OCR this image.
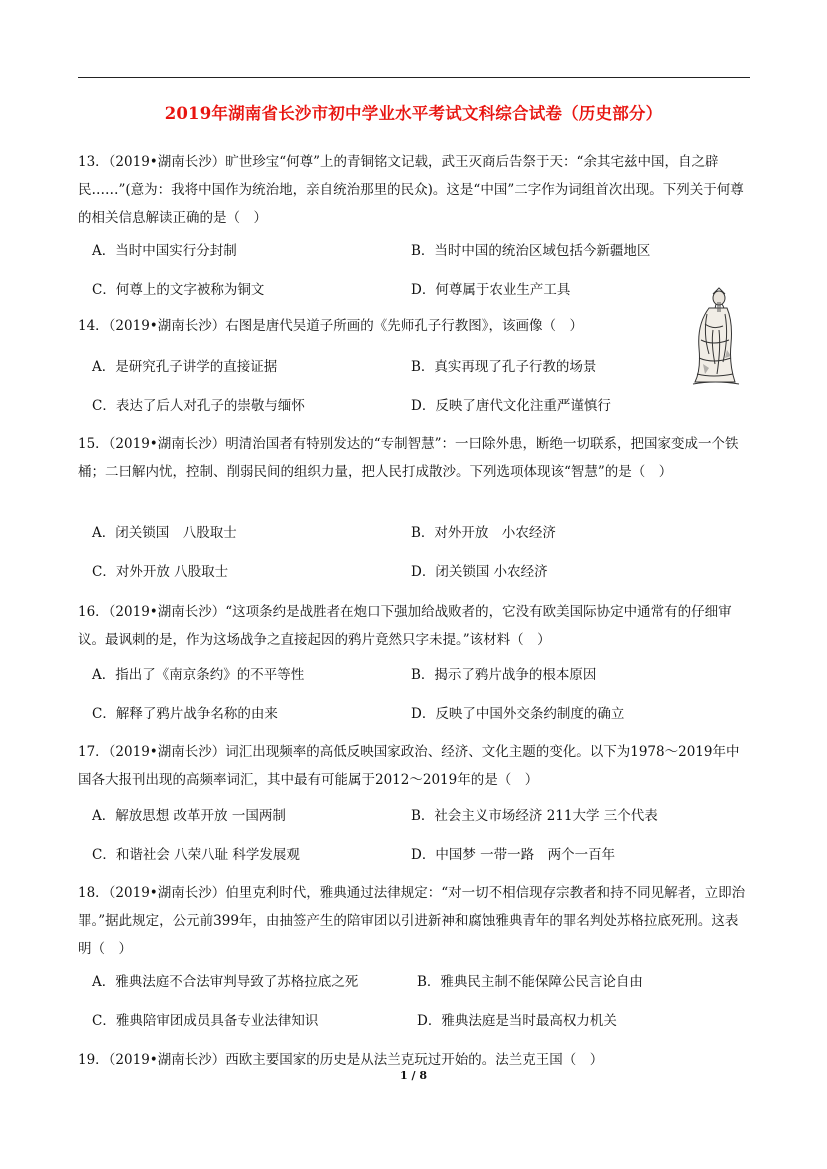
2019年湖南省长沙市初中学业水平考试文科综合试卷（历史部分）

13．（2019•湖南长沙）旷世珍宝“何尊”上的青铜铭文记载，武王灭商后告祭于天：“余其宅兹中国，自之辟民……”(意为：我将中国作为统治地，亲自统治那里的民众)。这是“中国”二字作为词组首次出现。下列关于何尊的相关信息解读正确的是（　）

A．当时中国实行分封制	B．当时中国的统治区域包括今新疆地区
C．何尊上的文字被称为铜文	D．何尊属于农业生产工具

14．（2019•湖南长沙）右图是唐代吴道子所画的《先师孔子行教图》，该画像（　）

A．是研究孔子讲学的直接证据	B．真实再现了孔子行教的场景
C．表达了后人对孔子的崇敬与缅怀	D．反映了唐代文化注重严谨慎行

15．（2019•湖南长沙）明清治国者有特别发达的“专制智慧”：一曰除外患，断绝一切联系，把国家变成一个铁桶；二曰解内忧，控制、削弱民间的组织力量，把人民打成散沙。下列选项体现该“智慧”的是（　）

A．闭关锁国　八股取士	B．对外开放　小农经济
C．对外开放 八股取士	D．闭关锁国 小农经济

16．（2019•湖南长沙）“这项条约是战胜者在炮口下强加给战败者的，它没有欧美国际协定中通常有的仔细审议。最讽刺的是，作为这场战争之直接起因的鸦片竟然只字未提。”该材料（　）

A．指出了《南京条约》的不平等性	B．揭示了鸦片战争的根本原因
C．解释了鸦片战争名称的由来	D．反映了中国外交条约制度的确立

17．（2019•湖南长沙）词汇出现频率的高低反映国家政治、经济、文化主题的变化。以下为1978～2019年中国各大报刊出现的高频率词汇，其中最有可能属于2012～2019年的是（　）

A．解放思想 改革开放 一国两制	B．社会主义市场经济 211大学 三个代表
C．和谐社会 八荣八耻 科学发展观	D．中国梦 一带一路　两个一百年

18．（2019•湖南长沙）伯里克利时代，雅典通过法律规定：“对一切不相信现存宗教者和持不同见解者，立即治罪。”据此规定，公元前399年，由抽签产生的陪审团以引进新神和腐蚀雅典青年的罪名判处苏格拉底死刑。这表明（　）

A．雅典法庭不合法审判导致了苏格拉底之死	B．雅典民主制不能保障公民言论自由
C．雅典陪审团成员具备专业法律知识	D．雅典法庭是当时最高权力机关

19．（2019•湖南长沙）西欧主要国家的历史是从法兰克玩过开始的。法兰克王国（　）

1 / 8
